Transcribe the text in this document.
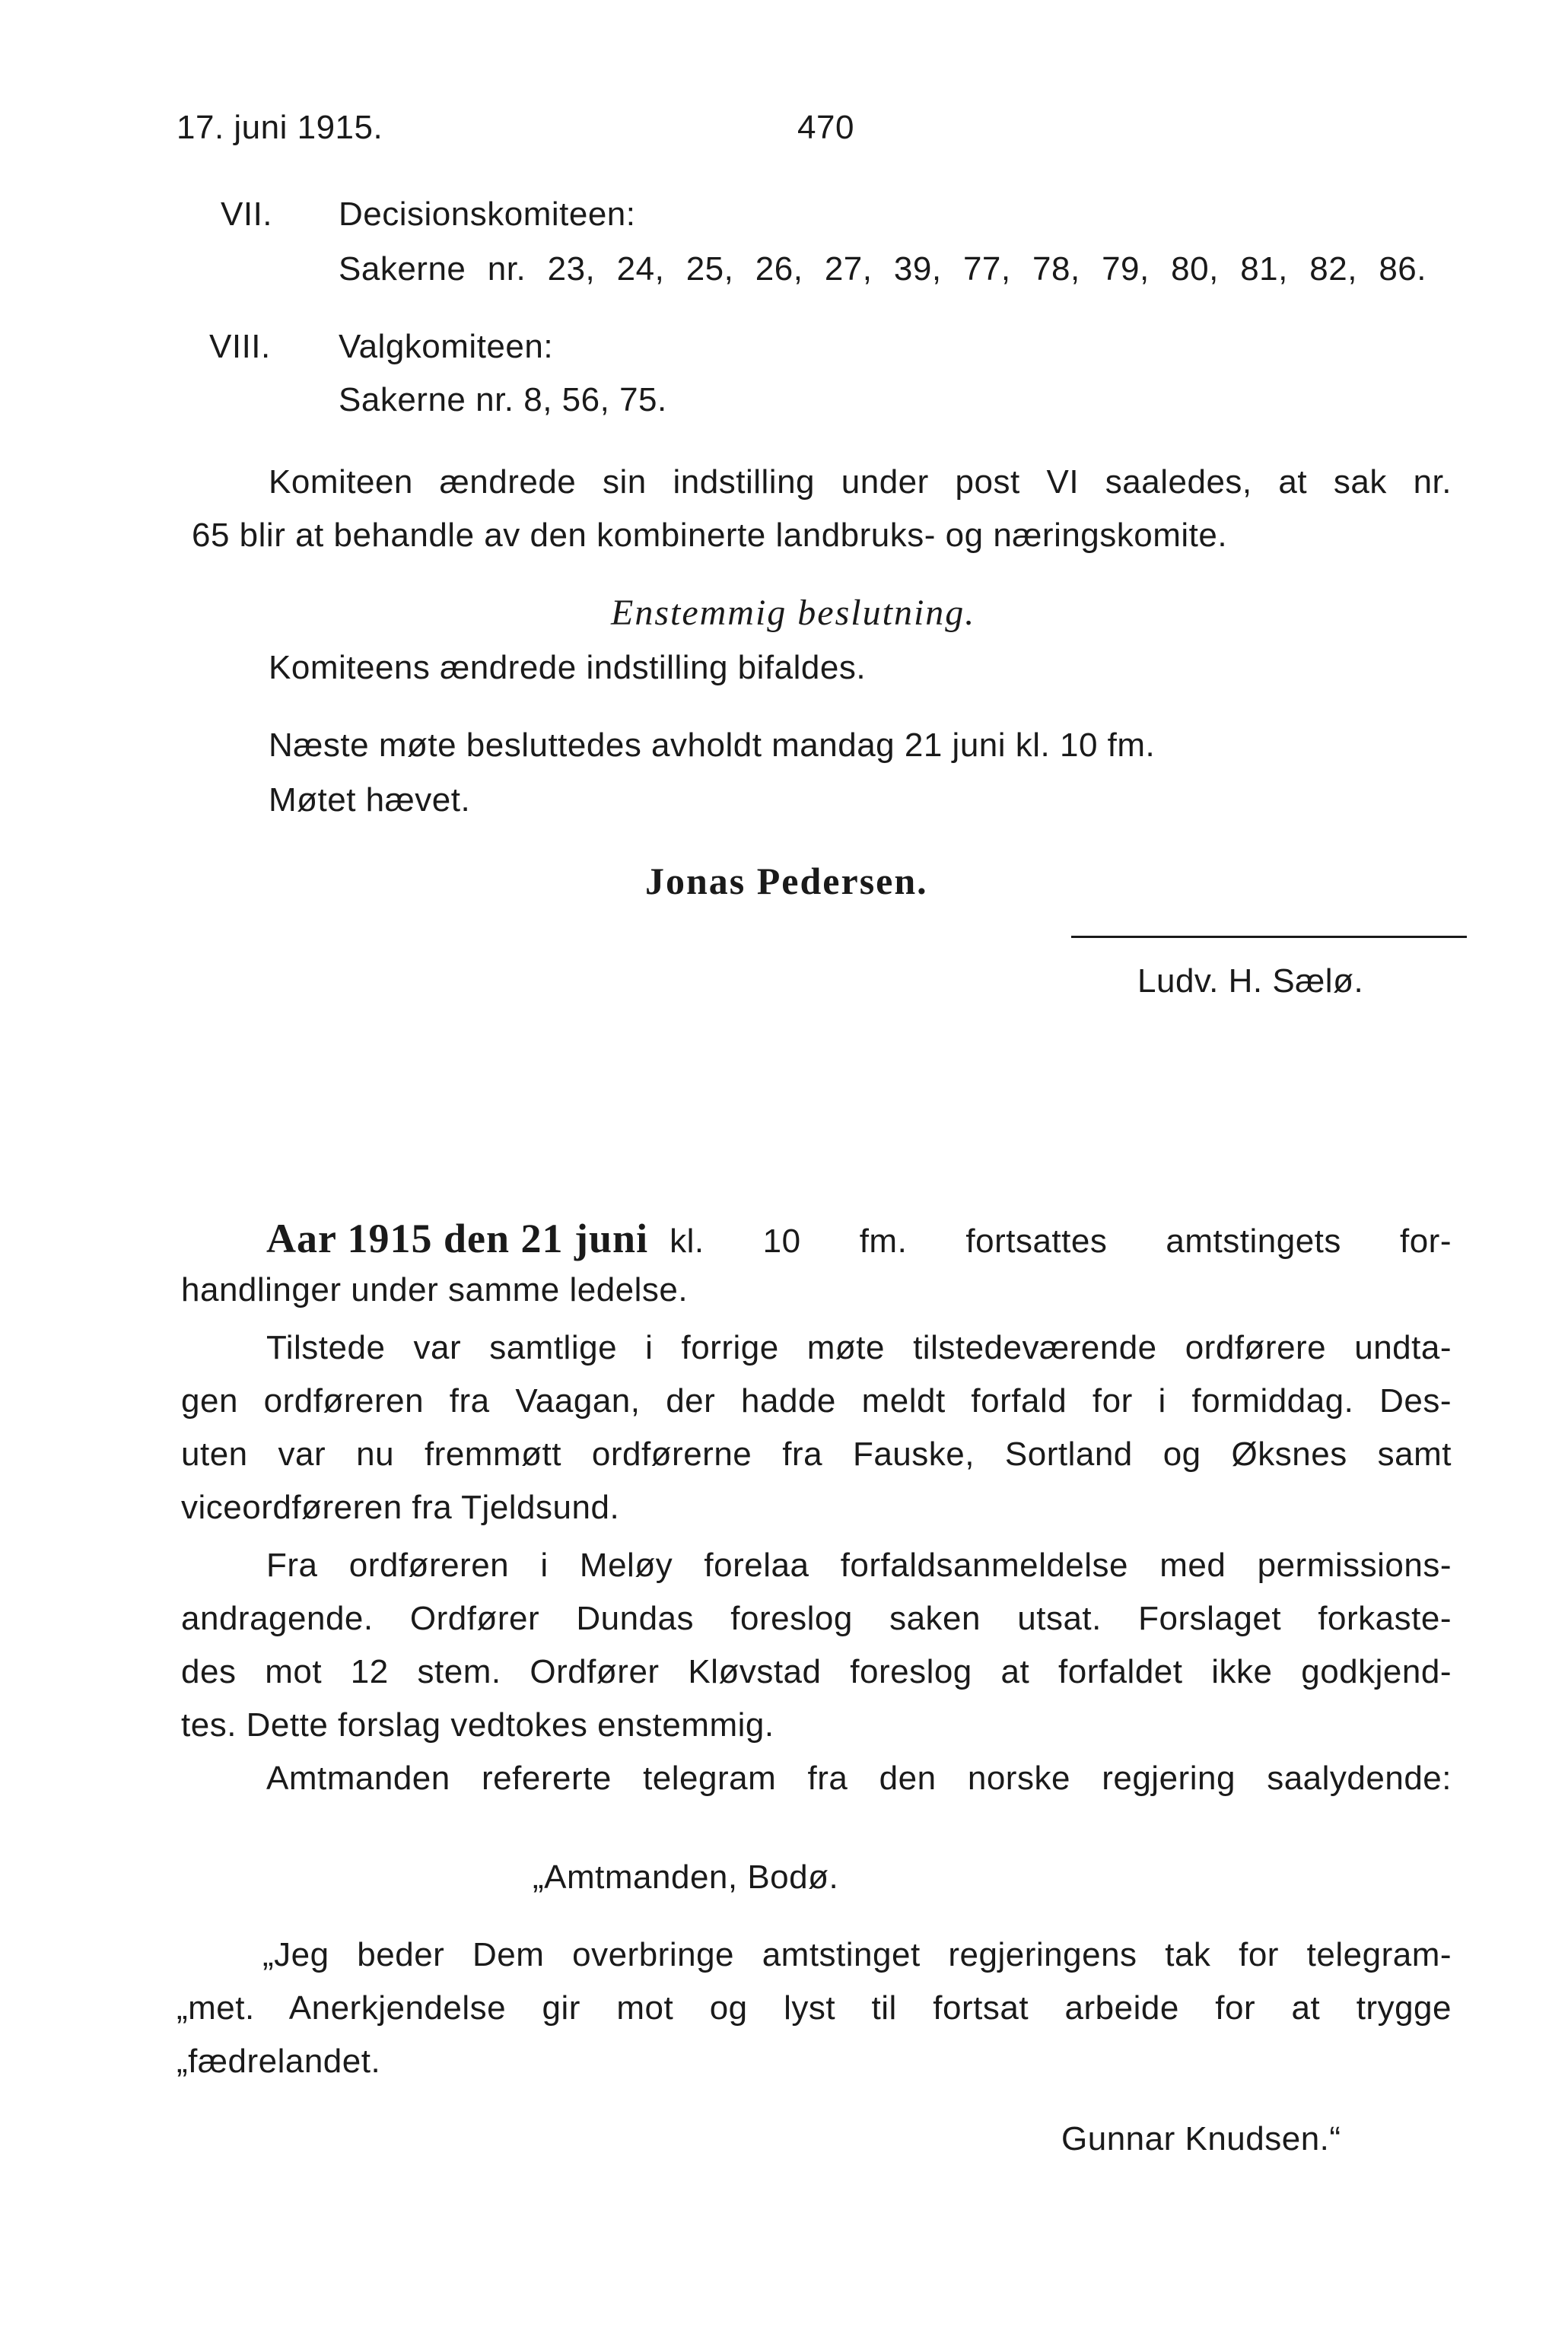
17. juni 1915.	470
VII. Decisionskomiteen:
Sakerne nr. 23, 24, 25, 26, 27, 39, 77, 78, 79, 80, 81, 82, 86.
VIII. Valgkomiteen:
Sakerne nr. 8, 56, 75.
Komiteen ændrede sin indstilling under post VI saaledes, at sak nr.
65 blir at behandle av den kombinerte landbruks- og næringskomite.
Enstemmig beslutning.
Komiteens ændrede indstilling bifaldes.
Næste møte besluttedes avholdt mandag 21 juni kl. 10 fm.
Møtet hævet.
Jonas Pedersen.
Ludv. H. Sælø.
Aar 1915 den 21 juni kl. 10 fm. fortsattes amtstingets for-
handlinger under samme ledelse.
Tilstede var samtlige i forrige møte tilstedeværende ordførere undta-
gen ordføreren fra Vaagan, der hadde meldt forfald for i formiddag. Des-
uten var nu fremmøtt ordførerne fra Fauske, Sortland og Øksnes samt
viceordføreren fra Tjeldsund.
Fra ordføreren i Meløy forelaa forfaldsanmeldelse med permissions-
andragende. Ordfører Dundas foreslog saken utsat. Forslaget forkaste-
des mot 12 stem. Ordfører Kløvstad foreslog at forfaldet ikke godkjend-
tes. Dette forslag vedtokes enstemmig.
Amtmanden refererte telegram fra den norske regjering saalydende:
„Amtmanden, Bodø.
„Jeg beder Dem overbringe amtstinget regjeringens tak for telegram-
„met. Anerkjendelse gir mot og lyst til fortsat arbeide for at trygge
„fædrelandet.
Gunnar Knudsen.“
